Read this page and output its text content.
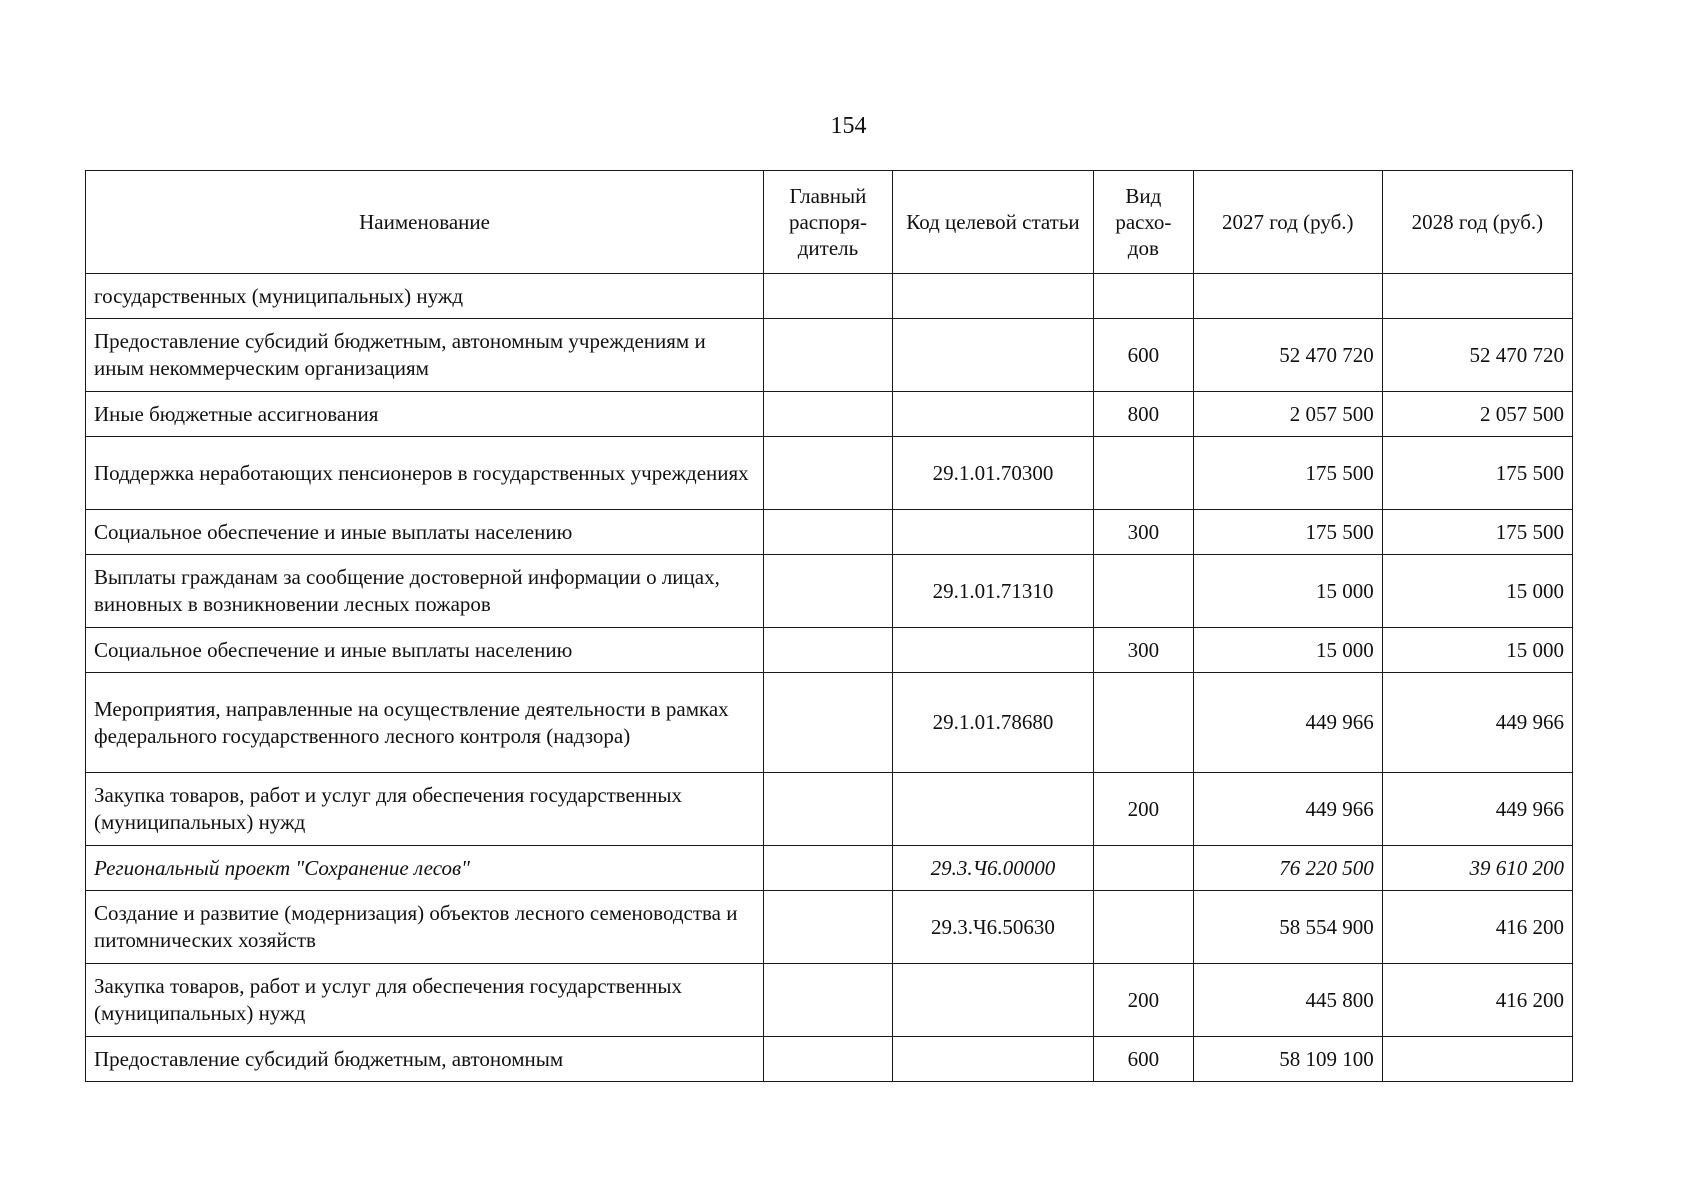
154
Наименование	Главный распоря-дитель	Код целевой статьи	Вид расхо-дов	2027 год (руб.)	2028 год (руб.)
государственных (муниципальных) нужд					
Предоставление субсидий бюджетным, автономным учреждениям и иным некоммерческим организациям			600	52 470 720	52 470 720
Иные бюджетные ассигнования			800	2 057 500	2 057 500
Поддержка неработающих пенсионеров в государственных учреждениях		29.1.01.70300		175 500	175 500
Социальное обеспечение и иные выплаты населению			300	175 500	175 500
Выплаты гражданам за сообщение достоверной информации о лицах, виновных в возникновении лесных пожаров		29.1.01.71310		15 000	15 000
Социальное обеспечение и иные выплаты населению			300	15 000	15 000
Мероприятия, направленные на осуществление деятельности в рамках федерального государственного лесного контроля (надзора)		29.1.01.78680		449 966	449 966
Закупка товаров, работ и услуг для обеспечения государственных (муниципальных) нужд			200	449 966	449 966
Региональный проект "Сохранение лесов"		29.3.Ч6.00000		76 220 500	39 610 200
Создание и развитие (модернизация) объектов лесного семеноводства и питомнических хозяйств		29.3.Ч6.50630		58 554 900	416 200
Закупка товаров, работ и услуг для обеспечения государственных (муниципальных) нужд			200	445 800	416 200
Предоставление субсидий бюджетным, автономным			600	58 109 100	
